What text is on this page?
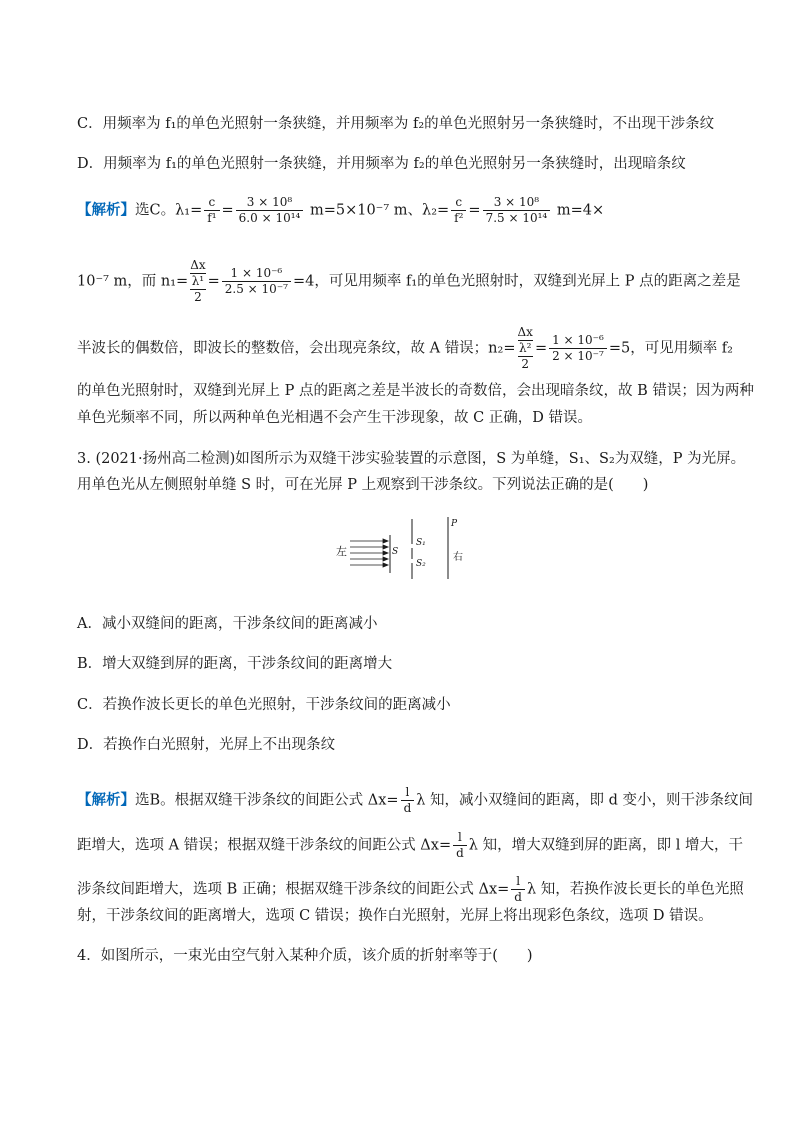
C．用频率为 f₁的单色光照射一条狭缝，并用频率为 f₂的单色光照射另一条狭缝时，不出现干涉条纹
D．用频率为 f₁的单色光照射一条狭缝，并用频率为 f₂的单色光照射另一条狭缝时，出现暗条纹
【解析】选C。$\lambda_1= \frac{c}{\text{f¹}} = \frac{\text{3 × 10⁸}}{\text{6.0 × 10¹⁴}} m=5\times 10^{-7}$ m、$\lambda_2= \frac{c}{\text{f²}} = \frac{\text{3 × 10⁸}}{\text{7.5 × 10¹⁴}} m=4\times$
10⁻⁷ m，而 n₁=
Δx
λ¹
2
= $\frac{\text{1 × 10⁻⁶}}{\text{2.5 × 10⁻⁷}} =4$，可见用频率 f₁的单色光照射时，双缝到光屏上 P 点的距离之差是
半波长的偶数倍，即波长的整数倍，会出现亮条纹，故 A 错误；n₂=
Δx
λ²
2
= $\frac{\text{1 × 10⁻⁶}}{\text{2 × 10⁻⁷}} =5$，可见用频率 f₂
的单色光照射时，双缝到光屏上 P 点的距离之差是半波长的奇数倍，会出现暗条纹，故 B 错误；因为两种
单色光频率不同，所以两种单色光相遇不会产生干涉现象，故 C 正确，D 错误。
3. (2021·扬州高二检测)如图所示为双缝干涉实验装置的示意图，S 为单缝，S₁、S₂为双缝，P 为光屏。
用单色光从左侧照射单缝 S 时，可在光屏 P 上观察到干涉条纹。下列说法正确的是(　　)
左	S
S₁
S₂
P
右
A．减小双缝间的距离，干涉条纹间的距离减小
B．增大双缝到屏的距离，干涉条纹间的距离增大
C．若换作波长更长的单色光照射，干涉条纹间的距离减小
D．若换作白光照射，光屏上不出现条纹
【解析】选B。根据双缝干涉条纹的间距公式 $\Delta x= \frac{l}{d}$ λ 知，减小双缝间的距离，即 d 变小，则干涉条纹间
距增大，选项 A 错误；根据双缝干涉条纹的间距公式 $\Delta x= \frac{l}{d}$ λ 知，增大双缝到屏的距离，即 l 增大，干
涉条纹间距增大，选项 B 正确；根据双缝干涉条纹的间距公式 $\Delta x= \frac{l}{d}$ λ 知，若换作波长更长的单色光照
射，干涉条纹间的距离增大，选项 C 错误；换作白光照射，光屏上将出现彩色条纹，选项 D 错误。
4．如图所示，一束光由空气射入某种介质，该介质的折射率等于(　　)
